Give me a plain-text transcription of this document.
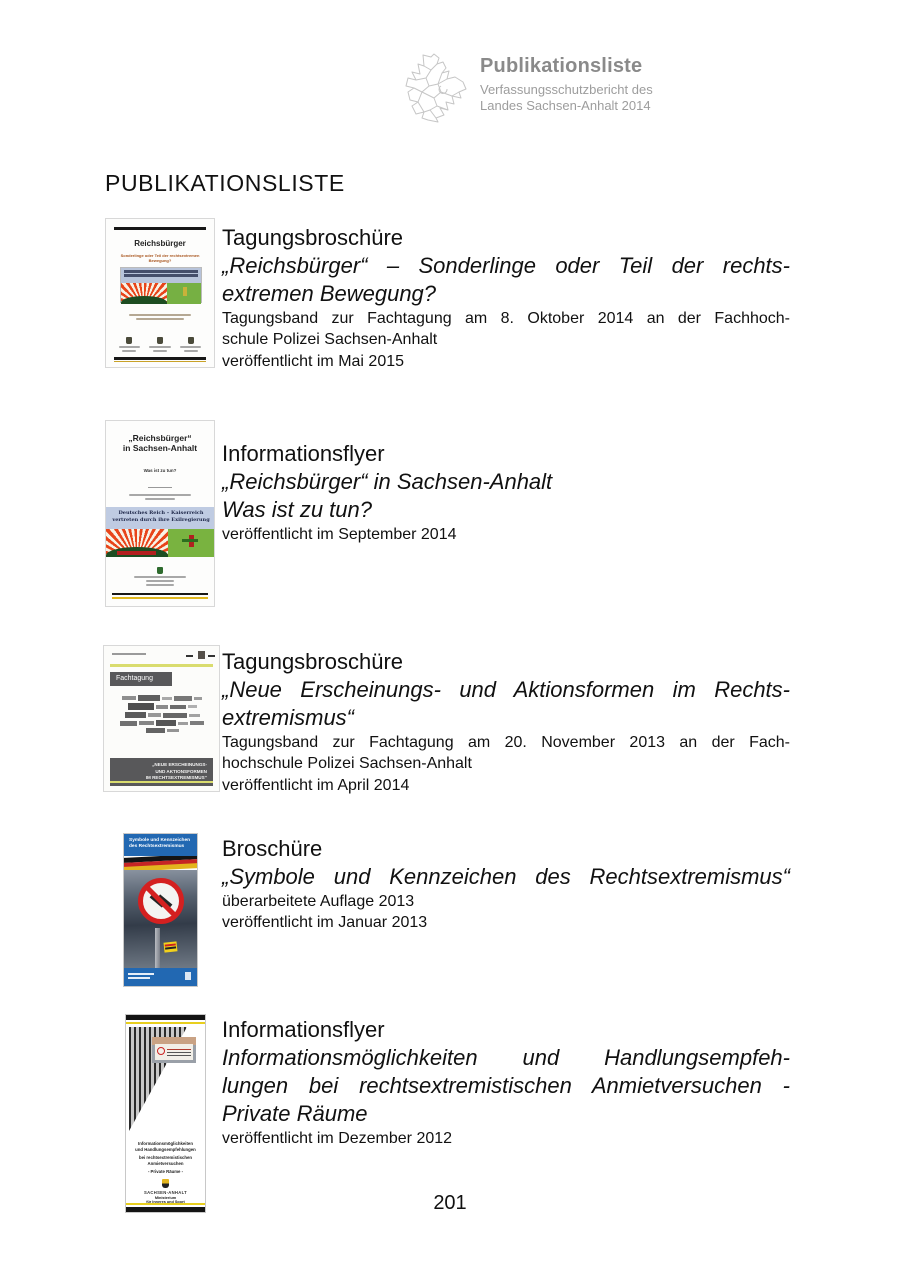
Publikationsliste
Verfassungsschutzbericht des
Landes Sachsen-Anhalt 2014
PUBLIKATIONSLISTE
Reichsbürger
Sonderlinge oder Teil der rechtsextremen Bewegung?
Tagungsbroschüre
„Reichsbürger“ – Sonderlinge oder Teil der rechts-
extremen Bewegung?
Tagungsband zur Fachtagung am 8. Oktober 2014 an der Fachhoch-
schule Polizei Sachsen-Anhalt
veröffentlicht im Mai 2015
„Reichsbürger“
in Sachsen-Anhalt
Was ist zu tun?
Deutsches Reich – Kaiserreich
vertreten durch ihre Exilregierung
Informationsflyer
„Reichsbürger“ in Sachsen-Anhalt
Was ist zu tun?
veröffentlicht im September 2014
Fachtagung
„NEUE ERSCHEINUNGS-
UND AKTIONSFORMEN
IM RECHTSEXTREMISMUS“
Tagungsbroschüre
„Neue Erscheinungs- und Aktionsformen im Rechts-
extremismus“
Tagungsband zur Fachtagung am 20. November 2013 an der Fach-
hochschule Polizei Sachsen-Anhalt
veröffentlicht im April 2014
Symbole und Kennzeichen
des Rechtsextremismus	Broschüre
„Symbole und Kennzeichen des Rechtsextremismus“
überarbeitete Auflage 2013
veröffentlicht im Januar 2013
Informationsmöglichkeiten
und Handlungsempfehlungen
bei rechtsextremistischen
Anmietversuchen
- Private Räume -
SACHSEN-ANHALT
Ministerium
Informationsflyer
Informationsmöglichkeiten und Handlungsempfeh-
lungen bei rechtsextremistischen Anmietversuchen -
Private Räume
veröffentlicht im Dezember 2012
201
